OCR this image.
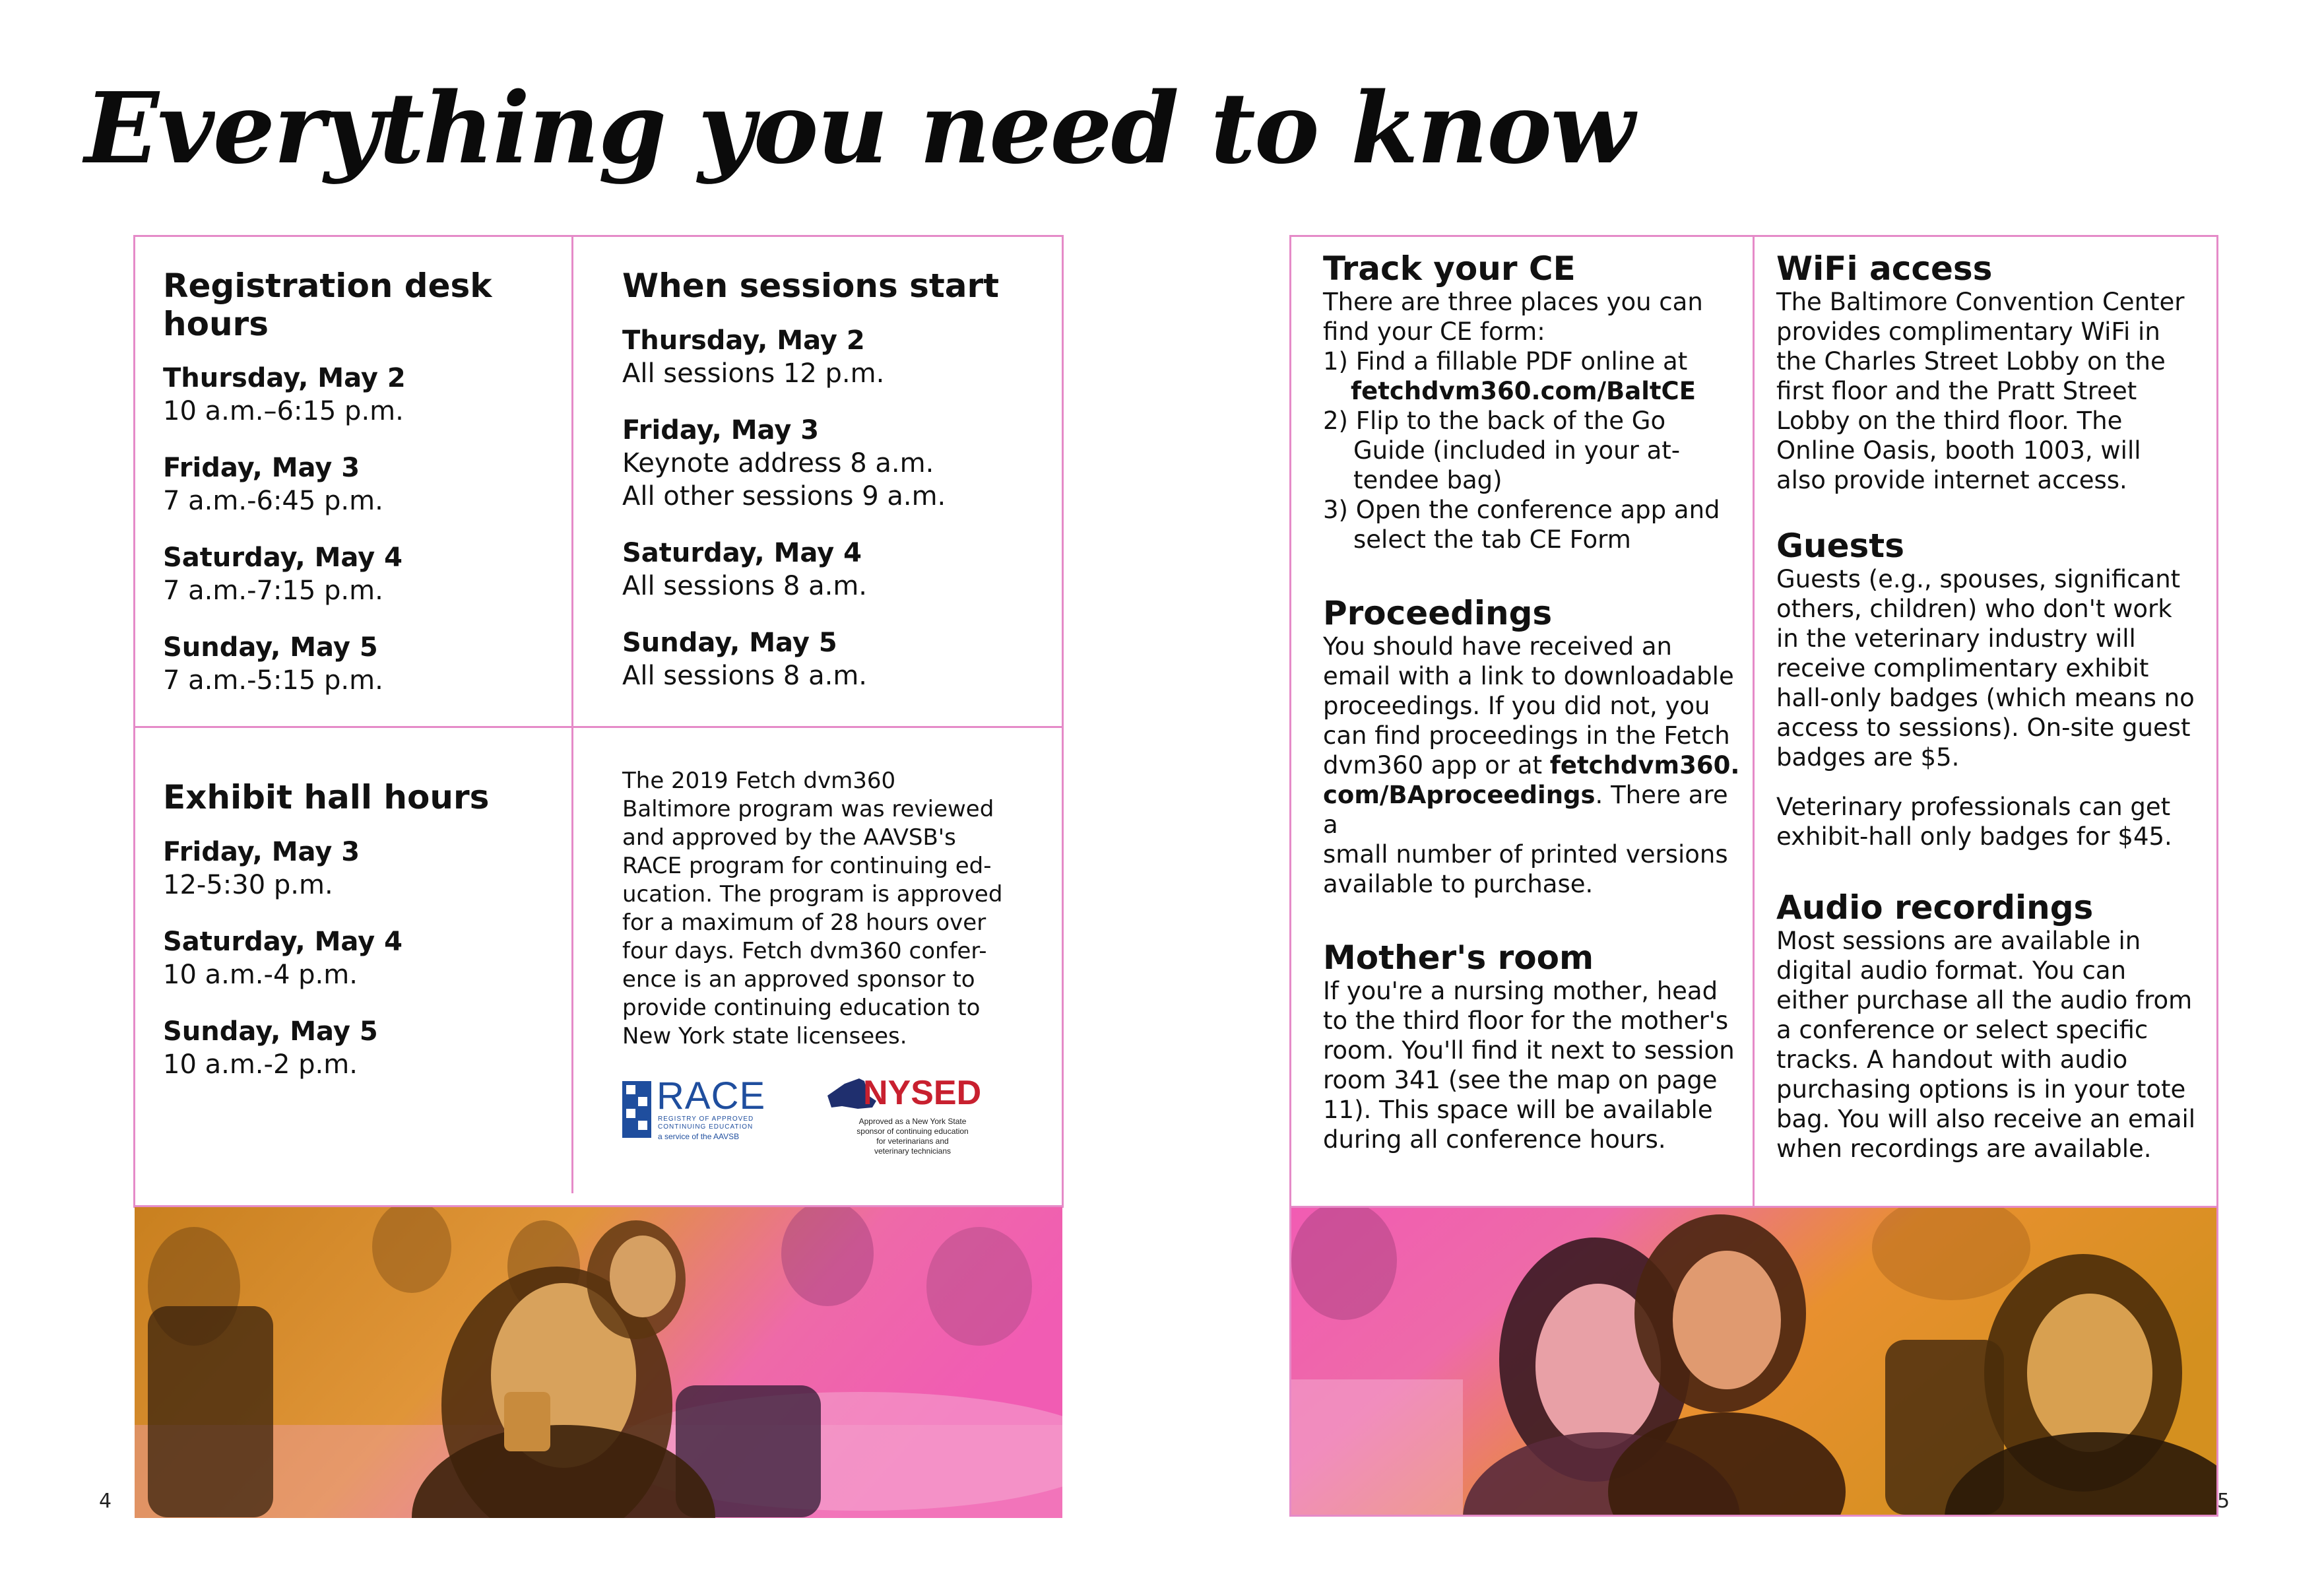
Everything you need to know
Registration desk hours
Thursday, May 2
10 a.m.–6:15 p.m.
Friday, May 3
7 a.m.-6:45 p.m.
Saturday, May 4
7 a.m.-7:15 p.m.
Sunday, May 5
7 a.m.-5:15 p.m.
When sessions start
Thursday, May 2
All sessions 12 p.m.
Friday, May 3
Keynote address 8 a.m.
All other sessions 9 a.m.
Saturday, May 4
All sessions 8 a.m.
Sunday, May 5
All sessions 8 a.m.
Exhibit hall hours
Friday, May 3
12-5:30 p.m.
Saturday, May 4
10 a.m.-4 p.m.
Sunday, May 5
10 a.m.-2 p.m.
The 2019 Fetch dvm360
Baltimore program was reviewed
and approved by the AAVSB's
RACE program for continuing ed-
ucation. The program is approved
for a maximum of 28 hours over
four days. Fetch dvm360 confer-
ence is an approved sponsor to
provide continuing education to
New York state licensees.
RACE
REGISTRY OF APPROVED
CONTINUING EDUCATION
a service of the AAVSB
NYSED
Approved as a New York State
sponsor of continuing education
for veterinarians and
veterinary technicians
4
Track your CE
There are three places you can
find your CE form:
1) Find a fillable PDF online at
fetchdvm360.com/BaltCE
2) Flip to the back of the Go
Guide (included in your at-
tendee bag)
3) Open the conference app and
select the tab CE Form
Proceedings
You should have received an
email with a link to downloadable
proceedings. If you did not, you
can find proceedings in the Fetch
dvm360 app or at fetchdvm360.
com/BAproceedings. There are a
small number of printed versions
available to purchase.
Mother's room
If you're a nursing mother, head
to the third floor for the mother's
room. You'll find it next to session
room 341 (see the map on page
11). This space will be available
during all conference hours.
WiFi access
The Baltimore Convention Center
provides complimentary WiFi in
the Charles Street Lobby on the
first floor and the Pratt Street
Lobby on the third floor. The
Online Oasis, booth 1003, will
also provide internet access.
Guests
Guests (e.g., spouses, significant
others, children) who don't work
in the veterinary industry will
receive complimentary exhibit
hall-only badges (which means no
access to sessions). On-site guest
badges are $5.
Veterinary professionals can get
exhibit-hall only badges for $45.
Audio recordings
Most sessions are available in
digital audio format. You can
either purchase all the audio from
a conference or select specific
tracks. A handout with audio
purchasing options is in your tote
bag. You will also receive an email
when recordings are available.
5
